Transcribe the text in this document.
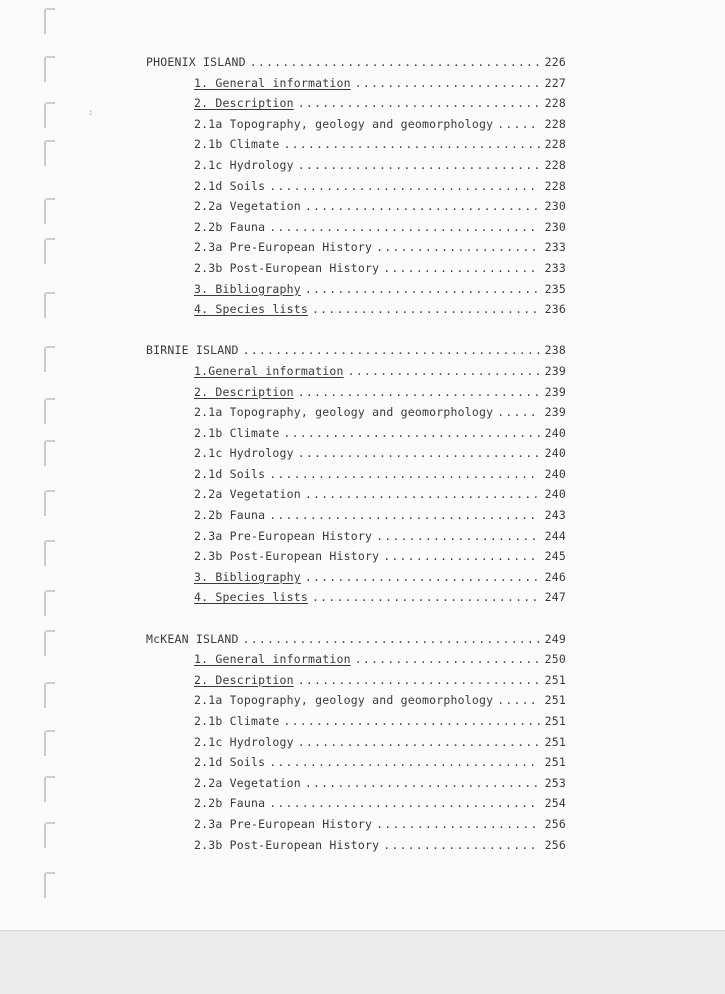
:
PHOENIX ISLAND .....	226
1. General information .....	227
2. Description .....	228
2.1a Topography, geology and geomorphology .....	228
2.1b Climate .....	228
2.1c Hydrology .....	228
2.1d Soils .....	228
2.2a Vegetation .....	230
2.2b Fauna .....	230
2.3a Pre-European History .....	233
2.3b Post-European History .....	233
3. Bibliography .....	235
4. Species lists .....	236
BIRNIE ISLAND .....	238
1.General information .....	239
2. Description .....	239
2.1a Topography, geology and geomorphology .....	239
2.1b Climate .....	240
2.1c Hydrology .....	240
2.1d Soils .....	240
2.2a Vegetation .....	240
2.2b Fauna .....	243
2.3a Pre-European History .....	244
2.3b Post-European History .....	245
3. Bibliography .....	246
4. Species lists .....	247
McKEAN ISLAND .....	249
1. General information .....	250
2. Description .....	251
2.1a Topography, geology and geomorphology .....	251
2.1b Climate .....	251
2.1c Hydrology .....	251
2.1d Soils .....	251
2.2a Vegetation .....	253
2.2b Fauna .....	254
2.3a Pre-European History .....	256
2.3b Post-European History .....	256
